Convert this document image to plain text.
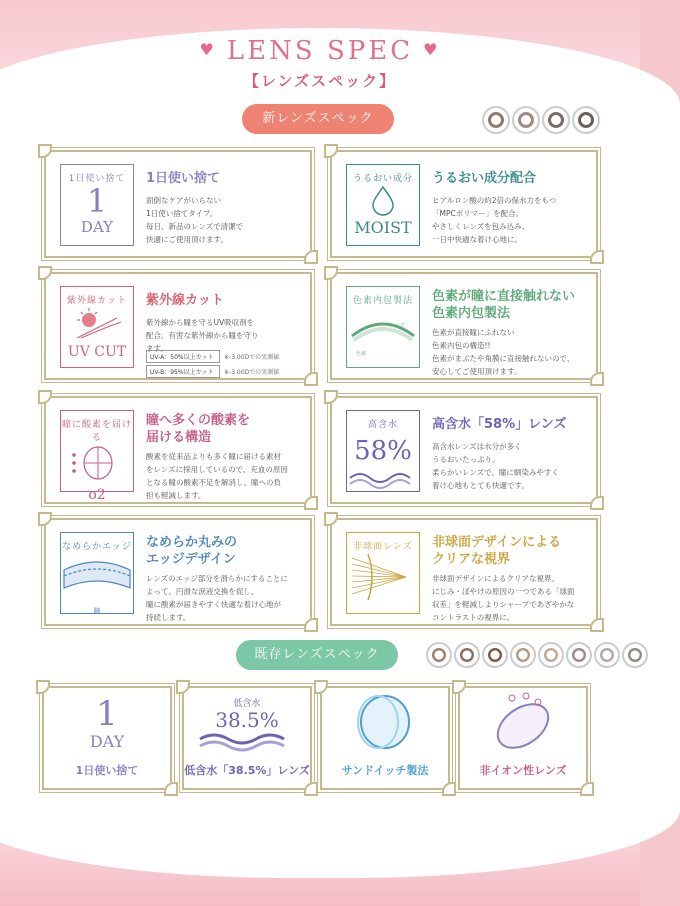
♥ LENS SPEC ♥
【レンズスペック】
新レンズスペック
1日使い捨て
1
DAY
1日使い捨て
面倒なケアがいらない
1日使い捨てタイプ。
毎日、新品のレンズで清潔で
快適にご使用頂けます。
うるおい成分
MOIST
うるおい成分配合
ヒアルロン酸の約2倍の保水力をもつ
「MPCポリマー」を配合。
やさしくレンズを包み込み、
一日中快適な着け心地に。
紫外線カット
UV CUT
紫外線カット
紫外線から瞳を守るUV吸収剤を
配合。有害な紫外線から瞳を守り
ます。
UV-A：50%以上カット	※-3.00Dでの実測値
UV-B：95%以上カット	※-3.00Dでの実測値
色素内包製法	色素が瞳に直接触れない
色素内包製法
色素が直接瞳にふれない
色素内包の構造!!
色素がまぶたや角膜に直接触れないので、
安心してご使用頂けます。
レンズ
色素
瞳に酸素を届ける
o2
瞳へ多くの酸素を
届ける構造
酸素を従来品よりも多く瞳に届ける素材
をレンズに採用しているので、充血の原因
となる瞳の酸素不足を解消し、瞳への負
担も軽減します。
高含水
58%
高含水「58%」レンズ
高含水レンズは水分が多く
うるおいたっぷり。
柔らかいレンズで、瞳に馴染みやすく
着け心地もとても快適です。
なめらかエッジ
瞳
なめらか丸みの
エッジデザイン
レンズのエッジ部分を滑らかにすることに
よって、円滑な涙液交換を促し、
瞳に酸素が届きやすく快適な着け心地が
持続します。
非球面レンズ	非球面デザインによる
クリアな視界
非球面デザインによるクリアな視界。
にじみ・ぼやけの原因の一つである「球面
収差」を軽減しよりシャープであざやかな
コントラストの視界に。
既存レンズスペック
1
DAY
1日使い捨て
低含水
38.5%
低含水「38.5%」レンズ	サンドイッチ製法	非イオン性レンズ
